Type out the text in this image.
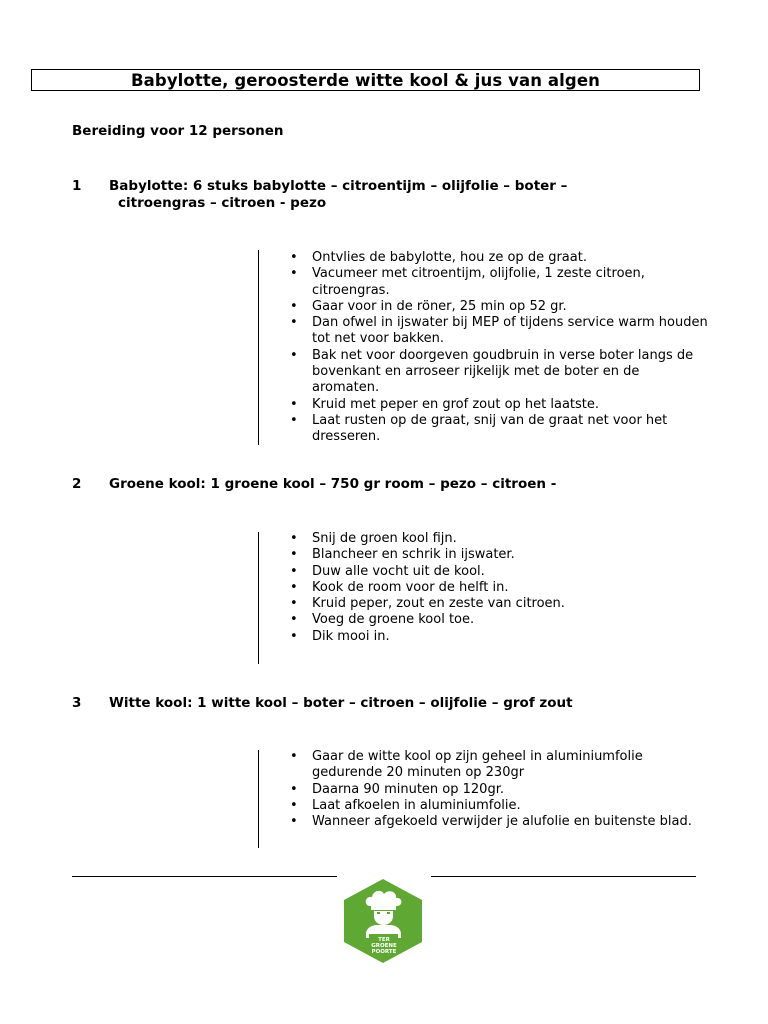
Babylotte, geroosterde witte kool & jus van algen
Bereiding voor 12 personen
1 Babylotte: 6 stuks babylotte – citroentijm – olijfolie – boter –
citroengras – citroen - pezo
•	Ontvlies de babylotte, hou ze op de graat.
•	Vacumeer met citroentijm, olijfolie, 1 zeste citroen, citroengras.
•	Gaar voor in de röner, 25 min op 52 gr.
•	Dan ofwel in ijswater bij MEP of tijdens service warm houden tot net voor bakken.
•	Bak net voor doorgeven goudbruin in verse boter langs de bovenkant en arroseer rijkelijk met de boter en de aromaten.
•	Kruid met peper en grof zout op het laatste.
•	Laat rusten op de graat, snij van de graat net voor het dresseren.
2 Groene kool: 1 groene kool – 750 gr room – pezo – citroen -
•	Snij de groen kool fijn.
•	Blancheer en schrik in ijswater.
•	Duw alle vocht uit de kool.
•	Kook de room voor de helft in.
•	Kruid peper, zout en zeste van citroen.
•	Voeg de groene kool toe.
•	Dik mooi in.
3 Witte kool: 1 witte kool – boter – citroen – olijfolie – grof zout
•	Gaar de witte kool op zijn geheel in aluminiumfolie gedurende 20 minuten op 230gr
•	Daarna 90 minuten op 120gr.
•	Laat afkoelen in aluminiumfolie.
•	Wanneer afgekoeld verwijder je alufolie en buitenste blad.
TER
GROENE
POORTE
